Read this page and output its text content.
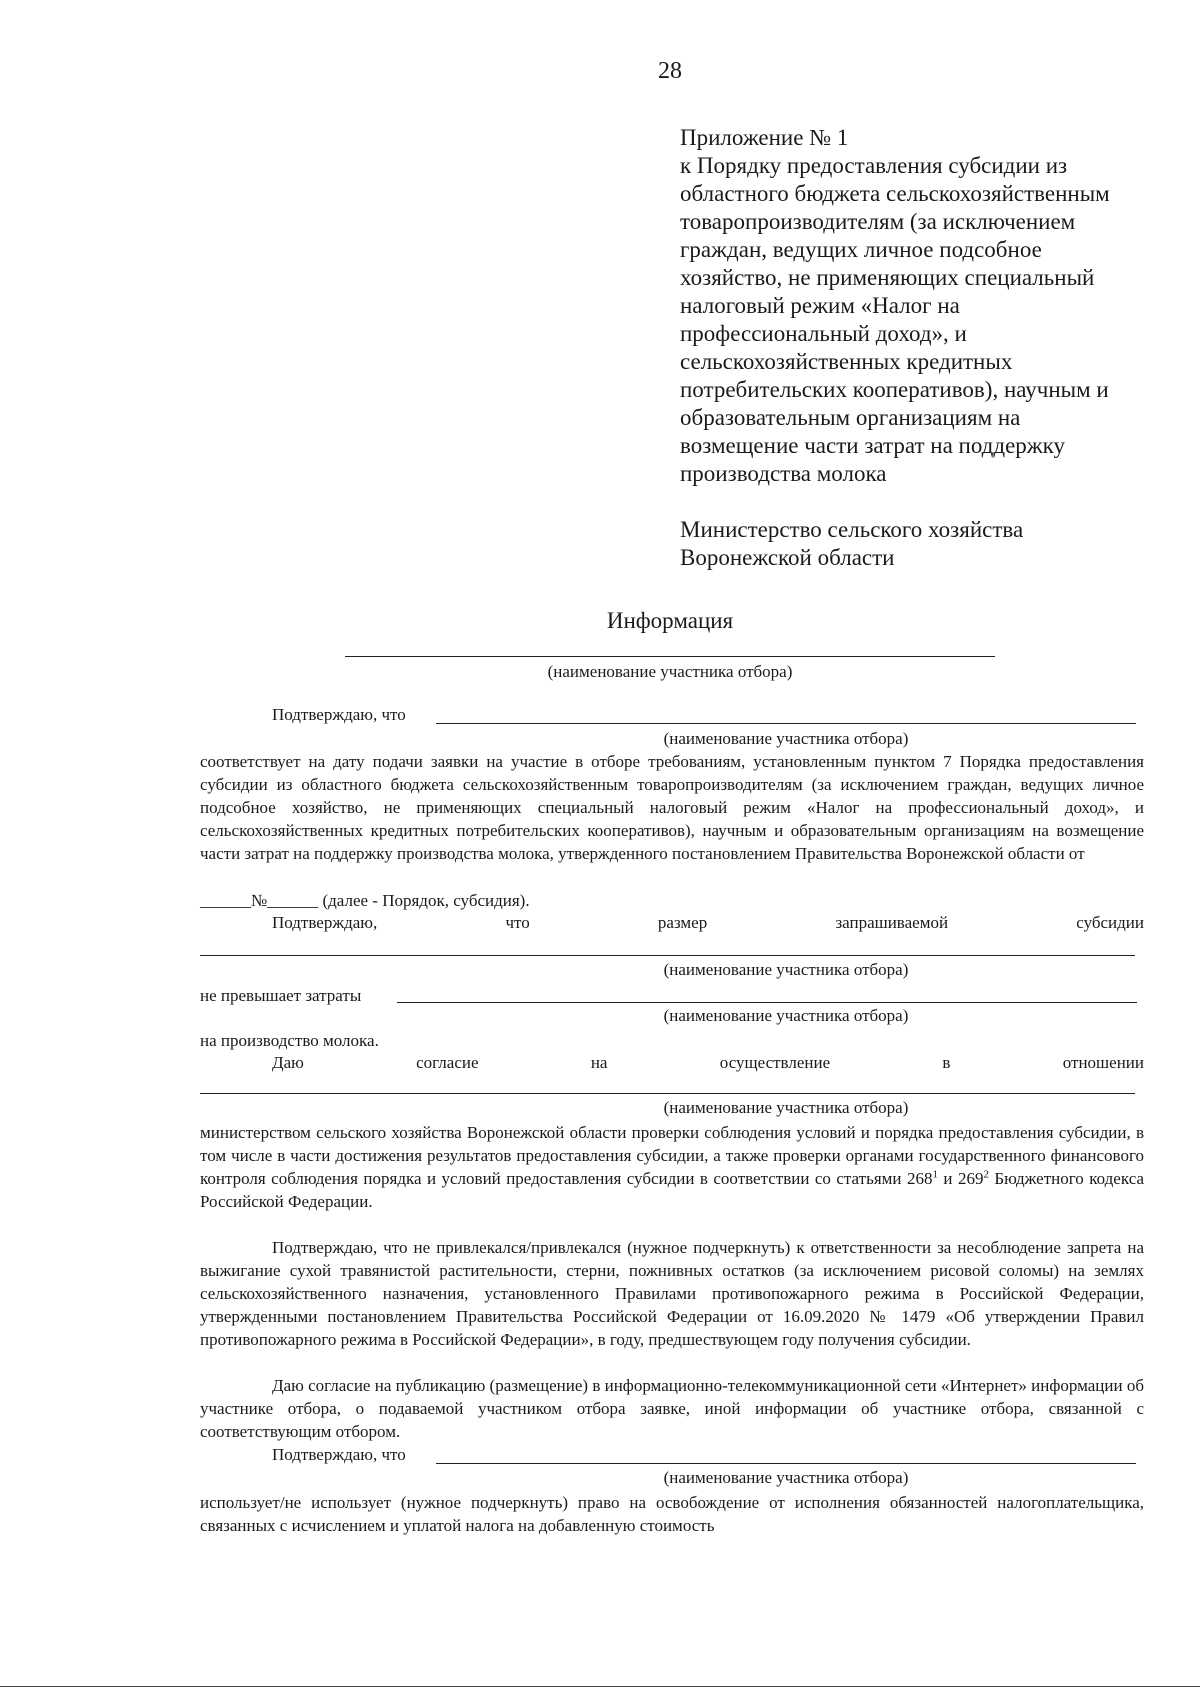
28

Приложение № 1

к Порядку предоставления субсидии из

областного бюджета сельскохозяйственным

товаропроизводителям (за исключением

граждан, ведущих личное подсобное

хозяйство, не применяющих специальный

налоговый режим «Налог на

профессиональный доход», и

сельскохозяйственных кредитных

потребительских кооперативов), научным и

образовательным организациям на

возмещение части затрат на поддержку

производства молока

Министерство сельского хозяйства

Воронежской области

Информация
(наименование участника отбора)
Подтверждаю, что
(наименование участника отбора)

соответствует на дату подачи заявки на участие в отборе требованиям, установленным пунктом 7 Порядка предоставления субсидии из областного бюджета сельскохозяйственным товаропроизводителям (за исключением граждан, ведущих личное подсобное хозяйство, не применяющих специальный налоговый режим «Налог на профессиональный доход», и сельскохозяйственных кредитных потребительских кооперативов), научным и образовательным организациям на возмещение части затрат на поддержку производства молока, утвержденного постановлением Правительства Воронежской области от

______№______ (далее - Порядок, субсидия).
Подтверждаю,	что	размер	запрашиваемой	субсидии
(наименование участника отбора)
не превышает затраты
(наименование участника отбора)
на производство молока.
Даю	согласие	на	осуществление	в	отношении
(наименование участника отбора)

министерством сельского хозяйства Воронежской области проверки соблюдения условий и порядка предоставления субсидии, в том числе в части достижения результатов предоставления субсидии, а также проверки органами государственного финансового контроля соблюдения порядка и условий предоставления субсидии в соответствии со статьями $268^1$ и $269^2$ Бюджетного кодекса Российской Федерации.

Подтверждаю, что не привлекался/привлекался (нужное подчеркнуть) к ответственности за несоблюдение запрета на выжигание сухой травянистой растительности, стерни, пожнивных остатков (за исключением рисовой соломы) на землях сельскохозяйственного назначения, установленного Правилами противопожарного режима в Российской Федерации, утвержденными постановлением Правительства Российской Федерации от 16.09.2020 № 1479 «Об утверждении Правил противопожарного режима в Российской Федерации», в году, предшествующем году получения субсидии.

Даю согласие на публикацию (размещение) в информационно-телекоммуникационной сети «Интернет» информации об участнике отбора, о подаваемой участником отбора заявке, иной информации об участнике отбора, связанной с соответствующим отбором.

Подтверждаю, что
(наименование участника отбора)

использует/не использует (нужное подчеркнуть) право на освобождение от исполнения обязанностей налогоплательщика, связанных с исчислением и уплатой налога на добавленную стоимость
